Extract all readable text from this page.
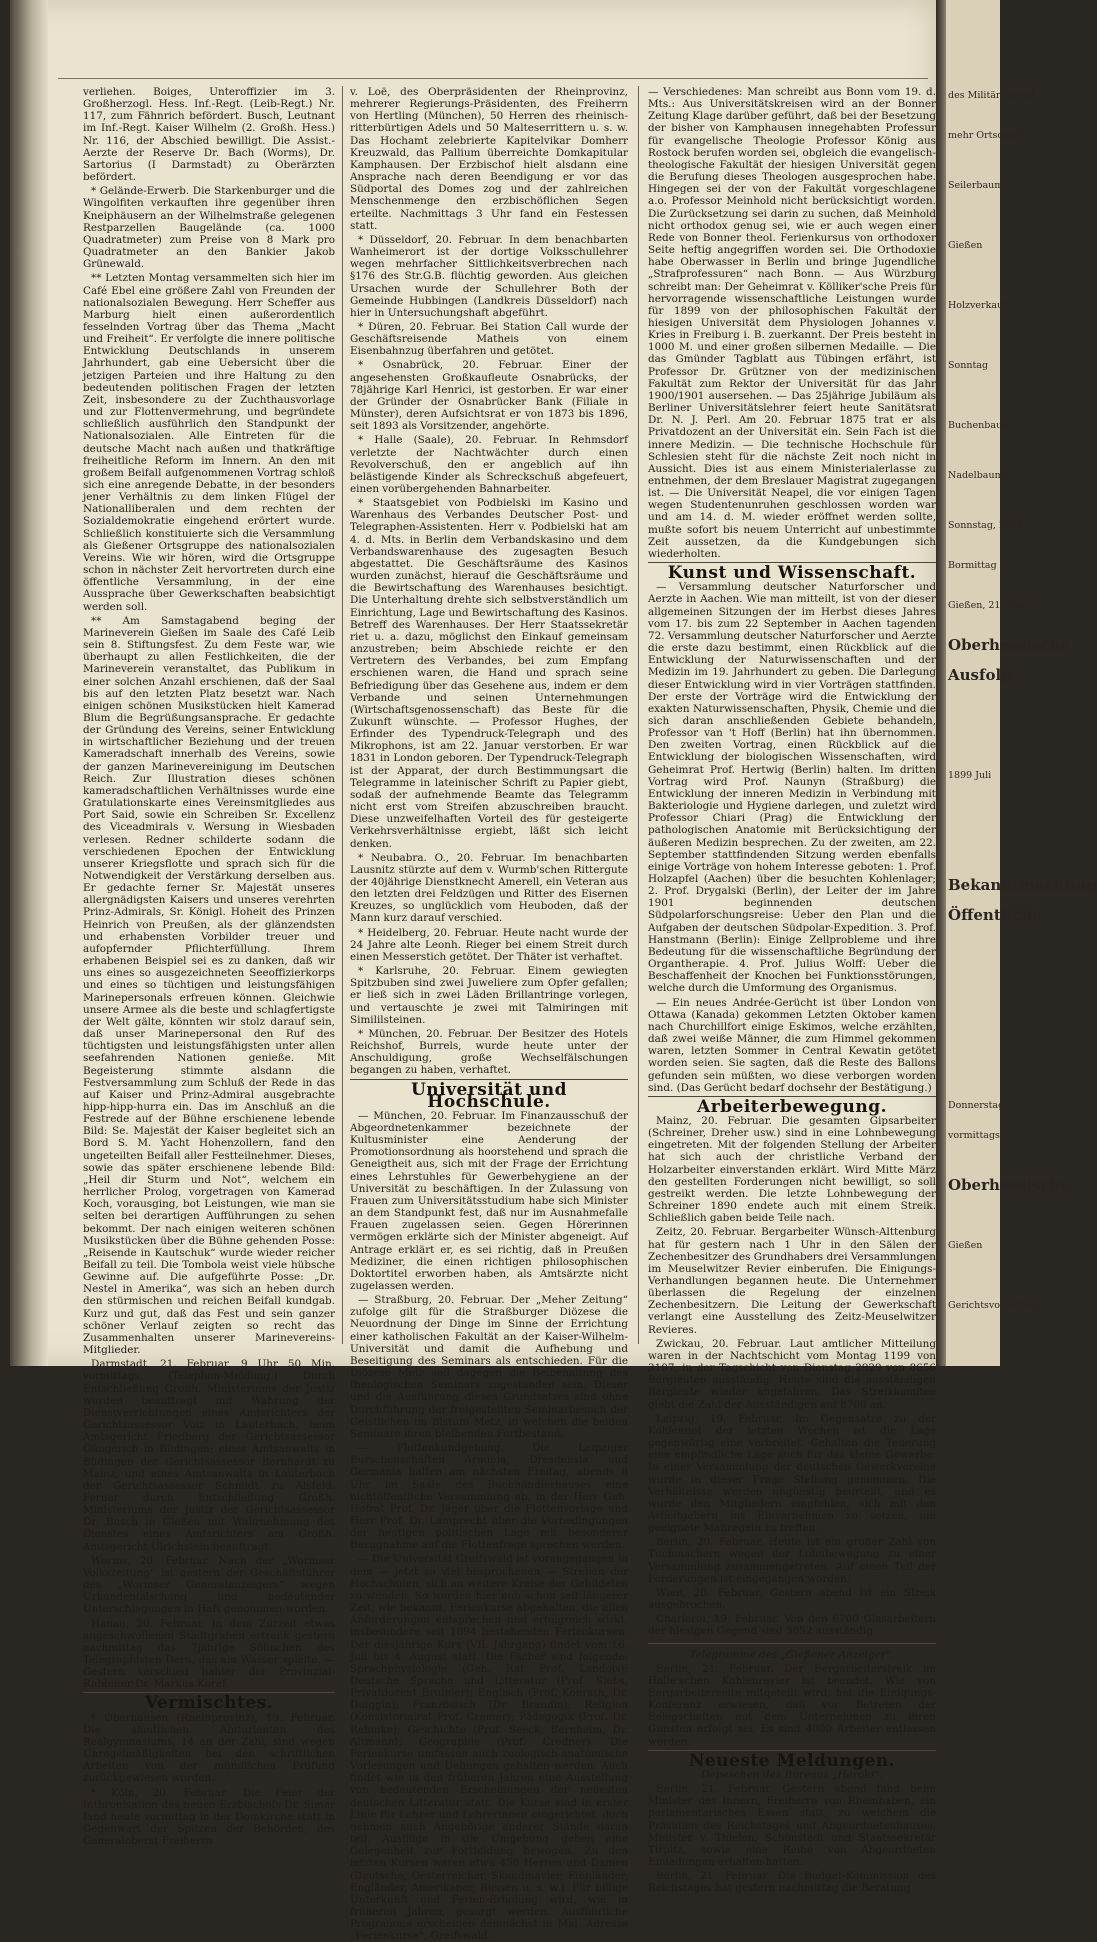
verliehen. Boiges, Unteroffizier im 3. Großherzogl. Hess. Inf.-Regt. (Leib-Regt.) Nr. 117, zum Fähnrich befördert. Busch, Leutnant im Inf.-Regt. Kaiser Wilhelm (2. Großh. Hess.) Nr. 116, der Abschied bewilligt. Die Assist.-Aerzte der Reserve Dr. Bach (Worms), Dr. Sartorius (I Darmstadt) zu Oberärzten befördert.

* Gelände-Erwerb. Die Starkenburger und die Wingolfiten verkauften ihre gegenüber ihren Kneiphäusern an der Wilhelmstraße gelegenen Restparzellen Baugelände (ca. 1000 Quadratmeter) zum Preise von 8 Mark pro Quadratmeter an den Bankier Jakob Grünewald.

** Letzten Montag versammelten sich hier im Café Ebel eine größere Zahl von Freunden der nationalsozialen Bewegung. Herr Scheffer aus Marburg hielt einen außerordentlich fesselnden Vortrag über das Thema „Macht und Freiheit“. Er verfolgte die innere politische Entwicklung Deutschlands in unserem Jahrhundert, gab eine Uebersicht über die jetzigen Parteien und ihre Haltung zu den bedeutenden politischen Fragen der letzten Zeit, insbesondere zu der Zuchthausvorlage und zur Flottenvermehrung, und begründete schließlich ausführlich den Standpunkt der Nationalsozialen. Alle Eintreten für die deutsche Macht nach außen und thatkräftige freiheitliche Reform im Innern. An den mit großem Beifall aufgenommenen Vortrag schloß sich eine anregende Debatte, in der besonders jener Verhältnis zu dem linken Flügel der Nationalliberalen und dem rechten der Sozialdemokratie eingehend erörtert wurde. Schließlich konstituierte sich die Versammlung als Gießener Ortsgruppe des nationalsozialen Vereins. Wie wir hören, wird die Ortsgruppe schon in nächster Zeit hervortreten durch eine öffentliche Versammlung, in der eine Aussprache über Gewerkschaften beabsichtigt werden soll.

** Am Samstagabend beging der Marineverein Gießen im Saale des Café Leib sein 8. Stiftungsfest. Zu dem Feste war, wie überhaupt zu allen Festlichkeiten, die der Marineverein veranstaltet, das Publikum in einer solchen Anzahl erschienen, daß der Saal bis auf den letzten Platz besetzt war. Nach einigen schönen Musikstücken hielt Kamerad Blum die Begrüßungsansprache. Er gedachte der Gründung des Vereins, seiner Entwicklung in wirtschaftlicher Beziehung und der treuen Kameradschaft innerhalb des Vereins, sowie der ganzen Marinevereinigung im Deutschen Reich. Zur Illustration dieses schönen kameradschaftlichen Verhältnisses wurde eine Gratulationskarte eines Vereinsmitgliedes aus Port Said, sowie ein Schreiben Sr. Excellenz des Viceadmirals v. Wersung in Wiesbaden verlesen. Redner schilderte sodann die verschiedenen Epochen der Entwicklung unserer Kriegsflotte und sprach sich für die Notwendigkeit der Verstärkung derselben aus. Er gedachte ferner Sr. Majestät unseres allergnädigsten Kaisers und unseres verehrten Prinz-Admirals, Sr. Königl. Hoheit des Prinzen Heinrich von Preußen, als der glänzendsten und erhabensten Vorbilder treuer und aufopfernder Pflichterfüllung. Ihrem erhabenen Beispiel sei es zu danken, daß wir uns eines so ausgezeichneten Seeoffizierkorps und eines so tüchtigen und leistungsfähigen Marinepersonals erfreuen können. Gleichwie unsere Armee als die beste und schlagfertigste der Welt gälte, könnten wir stolz darauf sein, daß unser Marinepersonal den Ruf des tüchtigsten und leistungsfähigsten unter allen seefahrenden Nationen genieße. Mit Begeisterung stimmte alsdann die Festversammlung zum Schluß der Rede in das auf Kaiser und Prinz-Admiral ausgebrachte hipp-hipp-hurra ein. Das im Anschluß an die Festrede auf der Bühne erschienene lebende Bild: Se. Majestät der Kaiser begleitet sich an Bord S. M. Yacht Hohenzollern, fand den ungeteilten Beifall aller Festteilnehmer. Dieses, sowie das später erschienene lebende Bild: „Heil dir Sturm und Not“, welchem ein herrlicher Prolog, vorgetragen von Kamerad Koch, vorausging, bot Leistungen, wie man sie selten bei derartigen Aufführungen zu sehen bekommt. Der nach einigen weiteren schönen Musikstücken über die Bühne gehenden Posse: „Reisende in Kautschuk“ wurde wieder reicher Beifall zu teil. Die Tombola weist viele hübsche Gewinne auf. Die aufgeführte Posse: „Dr. Nestel in Amerika“, was sich an heben durch den stürmischen und reichen Beifall kundgab. Kurz und gut, daß das Fest und sein ganzer schöner Verlauf zeigten so recht das Zusammenhalten unserer Marinevereins-Mitglieder.

Darmstadt, 21. Februar, 9 Uhr 50 Min. vormittags. (Telephon-Meldung.) Durch Entschließung Großh. Ministeriums der Justiz wurden beauftragt mit Wahrung der Dienstverrichtungen eines Amtsrichters der Gerichtsassessor Volz in Lauterbach, beim Amtsgericht Friedberg der Gerichtsassessor Güngerich in Büdingen; eines Amtsanwalts in Büdingen der Gerichtsassessor Bernhardt zu Mainz, und eines Amtsanwalts in Lauterbach der Gerichtsassessor Schmidt zu Alsfeld. Ferner durch Entschließung Großh. Ministeriums der Justiz der Gerichtsassessor Dr. Busch in Gießen mit Wahrnehmung des Dienstes eines Amtsrichters am Großh. Amtsgericht Ulrichstein beauftragt.

Worms, 20. Februar. Nach der „Wormser Volkszeitung“ ist gestern der Geschäftsführer des „Wormser Generalanzeigers“ wegen Urkundenfälschung und bedeutender Unterschlagungen in Haft genommen worden.

Hanau, 20. Februar. In dem Zurzeit etwas angeschwollenen Stadtgraben ertrank gestern nachmittag das 7jährige Söhnchen des Telegraphisten Dern, das am Wasser spielte. — Gestern verschied hahier der Provinzial-Rabbiner Dr. Markus Koref.

Vermischtes.

* Oberhausen (Rheinprovinz), 19. Februar. Die sämtlichen Abiturienten des Realgymnasiums, 14 an der Zahl, sind wegen Unregelmäßigkeiten bei den schriftlichen Arbeiten von der mündlichen Prüfung zurückgewiesen worden.

* Köln, 20. Februar. Die Feier der Inthronisation des neuen Erzbischofs Dr. Simar fand heute vormittag in der Domkirche statt in Gegenwart der Spitzen der Behörden, des Generaloberst Freiherrn

v. Loë, des Oberpräsidenten der Rheinprovinz, mehrerer Regierungs-Präsidenten, des Freiherrn von Hertling (München), 50 Herren des rheinisch-ritterbürtigen Adels und 50 Malteserrittern u. s. w. Das Hochamt zelebrierte Kapitelvikar Domherr Kreuzwald, das Pallium überreichte Domkapitular Kamphausen. Der Erzbischof hielt alsdann eine Ansprache nach deren Beendigung er vor das Südportal des Domes zog und der zahlreichen Menschenmenge den erzbischöflichen Segen erteilte. Nachmittags 3 Uhr fand ein Festessen statt.

* Düsseldorf, 20. Februar. In dem benachbarten Wanheimerort ist der dortige Volksschullehrer wegen mehrfacher Sittlichkeitsverbrechen nach §176 des Str.G.B. flüchtig geworden. Aus gleichen Ursachen wurde der Schullehrer Both der Gemeinde Hubbingen (Landkreis Düsseldorf) nach hier in Untersuchungshaft abgeführt.

* Düren, 20. Februar. Bei Station Call wurde der Geschäftsreisende Matheis von einem Eisenbahnzug überfahren und getötet.

* Osnabrück, 20. Februar. Einer der angesehensten Großkaufleute Osnabrücks, der 78jährige Karl Henrici, ist gestorben. Er war einer der Gründer der Osnabrücker Bank (Filiale in Münster), deren Aufsichtsrat er von 1873 bis 1896, seit 1893 als Vorsitzender, angehörte.

* Halle (Saale), 20. Februar. In Rehmsdorf verletzte der Nachtwächter durch einen Revolverschuß, den er angeblich auf ihn belästigende Kinder als Schreckschuß abgefeuert, einen vorübergehenden Bahnarbeiter.

* Staatsgebiet von Podbielski im Kasino und Warenhaus des Verbandes Deutscher Post- und Telegraphen-Assistenten. Herr v. Podbielski hat am 4. d. Mts. in Berlin dem Verbandskasino und dem Verbandswarenhause des zugesagten Besuch abgestattet. Die Geschäftsräume des Kasinos wurden zunächst, hierauf die Geschäftsräume und die Bewirtschaftung des Warenhauses besichtigt. Die Unterhaltung drehte sich selbstverständlich um Einrichtung, Lage und Bewirtschaftung des Kasinos. Betreff des Warenhauses. Der Herr Staatssekretär riet u. a. dazu, möglichst den Einkauf gemeinsam anzustreben; beim Abschiede reichte er den Vertretern des Verbandes, bei zum Empfang erschienen waren, die Hand und sprach seine Befriedigung über das Gesehene aus, indem er dem Verbande und seinen Unternehmungen (Wirtschaftsgenossenschaft) das Beste für die Zukunft wünschte. — Professor Hughes, der Erfinder des Typendruck-Telegraph und des Mikrophons, ist am 22. Januar verstorben. Er war 1831 in London geboren. Der Typendruck-Telegraph ist der Apparat, der durch Bestimmungsart die Telegramme in lateinischer Schrift zu Papier giebt, sodaß der aufnehmende Beamte das Telegramm nicht erst vom Streifen abzuschreiben braucht. Diese unzweifelhaften Vorteil des für gesteigerte Verkehrsverhältnisse ergiebt, läßt sich leicht denken.

* Neubabra. O., 20. Februar. Im benachbarten Lausnitz stürzte auf dem v. Wurmb'schen Rittergute der 40jährige Dienstknecht Amerell, ein Veteran aus den letzten drei Feldzügen und Ritter des Eisernen Kreuzes, so unglücklich vom Heuboden, daß der Mann kurz darauf verschied.

* Heidelberg, 20. Februar. Heute nacht wurde der 24 Jahre alte Leonh. Rieger bei einem Streit durch einen Messerstich getötet. Der Thäter ist verhaftet.

* Karlsruhe, 20. Februar. Einem gewiegten Spitzbuben sind zwei Juweliere zum Opfer gefallen; er ließ sich in zwei Läden Brillantringe vorlegen, und vertauschte je zwei mit Talmiringen mit Simililsteinen.

* München, 20. Februar. Der Besitzer des Hotels Reichshof, Burrels, wurde heute unter der Anschuldigung, große Wechselfälschungen begangen zu haben, verhaftet.

Universität und Hochschule.

— München, 20. Februar. Im Finanzausschuß der Abgeordnetenkammer bezeichnete der Kultusminister eine Aenderung der Promotionsordnung als hoorstehend und sprach die Geneigtheit aus, sich mit der Frage der Errichtung eines Lehrstuhles für Gewerbehygiene an der Universität zu beschäftigen. In der Zulassung von Frauen zum Universitätsstudium habe sich Minister an dem Standpunkt fest, daß nur im Ausnahmefalle Frauen zugelassen seien. Gegen Hörerinnen vermögen erklärte sich der Minister abgeneigt. Auf Antrage erklärt er, es sei richtig, daß in Preußen Mediziner, die einen richtigen philosophischen Doktortitel erworben haben, als Amtsärzte nicht zugelassen werden.

— Straßburg, 20. Februar. Der „Meher Zeitung“ zufolge gilt für die Straßburger Diözese die Neuordnung der Dinge im Sinne der Errichtung einer katholischen Fakultät an der Kaiser-Wilhelm-Universität und damit die Aufhebung und Beseitigung des Seminars als entschieden. Für die Diözese Metz soll dagegen die Beibehaltung des theologischen Seminars zugestanden sein. Dieser und die Ausführung dieses Grundsatzes sind ohne Durchführung der freigestellten Seminarbesuch der Geistlichen im Bistum Metz, in welchen die beiden Seminare ihren bleibenden Fortbestand.

— Flottenkundgebung. Die Leipziger Burschenschaften Arminia, Dresdensia und Germania halten am nächsten Freitag, abends 8 Uhr im Saale des Buchhändlerhauses eine nichtöffentliche Versammlung ab, in der Herr Geh. Hofrat Prof. Dr. Jäger über die Flottenvorlage und Herr Prof. Dr. Lamprecht über die Vorbedingungen der heutigen politischen Lage mit besonderer Bezugnahme auf die Flottenfrage sprechen werden.

— Die Universität Greifswald ist vorangegangen in dem — jetzt so viel besprochenen — Streben der Hochschulen, sich an weitere Kreise der Gebildeten zu wenden. So werden hier nun schon seit längerer Zeit, wie bekannt, Ferienkurse abgehalten, die allen Anforderungen entsprechen und erfolgreich wirkt, insbesondere seit 1894 bestehenden Ferienkursen. Der diesjährige Kurs (VII. Jahrgang) findet vom 16. Juli bis 4. August statt. Die Fächer sind folgende: Sprachphysiologie (Geh. Rat Prof. Landois); Deutsche Sprache und Litteratur (Prof. Siebs, Privatdozent Bruinier); Englisch (Prof. Konrath, Dr. Duiggin); Französisch (Dr. Brandin); Religion (Konsistorialrat Prof. Cremer); Pädagogik (Prof. Dr. Rehmke); Geschichte (Prof. Seeck, Bernheim, Dr. Altmann); Geographie (Prof. Credner). Die Ferienkurse umfassen auch zoologisch-anatomische Vorlesungen und Uebungen gehalten werden. Auch findet wie in den früheren Jahren eine Ausstellung von bedeutenden Erscheinungen der neuesten deutschen Litteratur statt. Die Kurse sind in erster Linie für Lehrer und Lehrerinnen eingerichtet, doch nehmen auch Angehörige anderer Stände daran teil. Ausflüge in die Umgebung geben eine Gelegenheit zur Fortbildung bewogen. Zu den letzten Kursen waren etwa 450 Herren und Damen (Deutsche, Oesterreicher, Skandinavier, Finnländer, Engländer, Amerikaner, Russen u. s. w.). Für billige Unterkunft und Ferien-Erholung wird, wie in früheren Jahren, gesorgt werden. Ausführliche Programme erscheinen demnächst in Mai. Adresse „Ferienkurse“, Greifswald.

— Verschiedenes: Man schreibt aus Bonn vom 19. d. Mts.: Aus Universitätskreisen wird an der Bonner Zeitung Klage darüber geführt, daß bei der Besetzung der bisher von Kamphausen innegehabten Professur für evangelische Theologie Professor König aus Rostock berufen worden sei, obgleich die evangelisch-theologische Fakultät der hiesigen Universität gegen die Berufung dieses Theologen ausgesprochen habe. Hingegen sei der von der Fakultät vorgeschlagene a.o. Professor Meinhold nicht berücksichtigt worden. Die Zurücksetzung sei darin zu suchen, daß Meinhold nicht orthodox genug sei, wie er auch wegen einer Rede von Bonner theol. Ferienkursus von orthodoxer Seite heftig angegriffen worden sei. Die Orthodoxie habe Oberwasser in Berlin und bringe Jugendliche „Strafprofessuren“ nach Bonn. — Aus Würzburg schreibt man: Der Geheimrat v. Kölliker'sche Preis für hervorragende wissenschaftliche Leistungen wurde für 1899 von der philosophischen Fakultät der hiesigen Universität dem Physiologen Johannes v. Kries in Freiburg i. B. zuerkannt. Der Preis besteht in 1000 M. und einer großen silbernen Medaille. — Die das Gmünder Tagblatt aus Tübingen erfährt, ist Professor Dr. Grützner von der medizinischen Fakultät zum Rektor der Universität für das Jahr 1900/1901 ausersehen. — Das 25jährige Jubiläum als Berliner Universitätslehrer feiert heute Sanitätsrat Dr. N. J. Perl. Am 20. Februar 1875 trat er als Privatdozent an der Universität ein. Sein Fach ist die innere Medizin. — Die technische Hochschule für Schlesien steht für die nächste Zeit noch nicht in Aussicht. Dies ist aus einem Ministerialerlasse zu entnehmen, der dem Breslauer Magistrat zugegangen ist. — Die Universität Neapel, die vor einigen Tagen wegen Studentenunruhen geschlossen worden war und am 14. d. M. wieder eröffnet werden sollte, mußte sofort bis neuem Unterricht auf unbestimmte Zeit aussetzen, da die Kundgebungen sich wiederholten.

Kunst und Wissenschaft.

— Versammlung deutscher Naturforscher und Aerzte in Aachen. Wie man mitteilt, ist von der dieser allgemeinen Sitzungen der im Herbst dieses Jahres vom 17. bis zum 22 September in Aachen tagenden 72. Versammlung deutscher Naturforscher und Aerzte die erste dazu bestimmt, einen Rückblick auf die Entwicklung der Naturwissenschaften und der Medizin im 19. Jahrhundert zu geben. Die Darlegung dieser Entwicklung wird in vier Vorträgen stattfinden. Der erste der Vorträge wird die Entwicklung der exakten Naturwissenschaften, Physik, Chemie und die sich daran anschließenden Gebiete behandeln, Professor van 't Hoff (Berlin) hat ihn übernommen. Den zweiten Vortrag, einen Rückblick auf die Entwicklung der biologischen Wissenschaften, wird Geheimrat Prof. Hertwig (Berlin) halten. Im dritten Vortrag wird Prof. Naunyn (Straßburg) die Entwicklung der inneren Medizin in Verbindung mit Bakteriologie und Hygiene darlegen, und zuletzt wird Professor Chiari (Prag) die Entwicklung der pathologischen Anatomie mit Berücksichtigung der äußeren Medizin besprechen. Zu der zweiten, am 22. September stattfindenden Sitzung werden ebenfalls einige Vorträge von hohem Interesse geboten: 1. Prof. Holzapfel (Aachen) über die besuchten Kohlenlager; 2. Prof. Drygalski (Berlin), der Leiter der im Jahre 1901 beginnenden deutschen Südpolarforschungsreise: Ueber den Plan und die Aufgaben der deutschen Südpolar-Expedition. 3. Prof. Hanstmann (Berlin): Einige Zellprobleme und ihre Bedeutung für die wissenschaftliche Begründung der Organtherapie. 4. Prof. Julius Wolff: Ueber die Beschaffenheit der Knochen bei Funktionsstörungen, welche durch die Umformung des Organismus.

— Ein neues Andrée-Gerücht ist über London von Ottawa (Kanada) gekommen Letzten Oktober kamen nach Churchillfort einige Eskimos, welche erzählten, daß zwei weiße Männer, die zum Himmel gekommen waren, letzten Sommer in Central Kewatin getötet worden seien. Sie sagten, daß die Reste des Ballons gefunden sein müßten, wo diese verborgen worden sind. (Das Gerücht bedarf dochsehr der Bestätigung.)

Arbeiterbewegung.

Mainz, 20. Februar. Die gesamten Gipsarbeiter (Schreiner, Dreher usw.) sind in eine Lohnbewegung eingetreten. Mit der folgenden Stellung der Arbeiter hat sich auch der christliche Verband der Holzarbeiter einverstanden erklärt. Wird Mitte März den gestellten Forderungen nicht bewilligt, so soll gestreikt werden. Die letzte Lohnbewegung der Schreiner 1890 endete auch mit einem Streik. Schließlich gaben beide Teile nach.

Zeitz, 20. Februar. Bergarbeiter Wünsch-Alttenburg hat für gestern nach 1 Uhr in den Sälen der Zechenbesitzer des Grundhabers drei Versammlungen im Meuselwitzer Revier einberufen. Die Einigungs-Verhandlungen begannen heute. Die Unternehmer überlassen die Regelung der einzelnen Zechenbesitzern. Die Leitung der Gewerkschaft verlangt eine Ausstellung des Zeitz-Meuselwitzer Revieres.

Zwickau, 20. Februar. Laut amtlicher Mitteilung waren in der Nachtschicht vom Montag 1199 von 3107, in der Tagschicht von Dienstag 2929 von 8656 Bergleuten ausständig. Heute sind die ausständigen Bergleute wieder angefahren. Das Streikkomitee giebt die Zahl der Ausständigen auf 8700 an.

Leipzig, 19. Februar. Im Gegensatze zu der Kohlennot der letzten Wochen ist die Lage gegenwärtig eine verbreitet. Gehalten die Teuerung eine empfindliche Lage auch für das kleine Gewerbe. In einer Versammlung der deutschen Gewerkvereine wurde in dieser Frage Stellung genommen. Die Verhältnisse werden ungünstig beurteilt, und es wurde den Mitgliedern empfohlen, sich mit den Arbeitgebern ins Einvernehmen zu setzen, um geeignete Maßregeln zu treffen.

Berlin, 20. Februar. Heute ist ein großer Zahl von Tuchmachern wegen der Lohnbewegung zu einer Versammlung zusammengetreten. Auf einen Teil der Forderungen ist eingegangen worden.

Wien, 20. Februar. Gestern abend ist ein Streik ausgebrochen.

Charleroi, 19. Februar. Von den 6700 Glasarbeitern der hiesigen Gegend sind 3052 ausständig.

Telegramme des „Gießener Anzeiger“.

Berlin, 21. Februar. Der Bergarbeiterstreik im Halle'schen Kohlenrevier ist beendet. Wie von Bergarbeiterseite mitgeteilt wird, hat die Einigungs-Konferenz erwiesen, daß vor Betreten der Belegschaften mit dem Unternehmen zu ihren Gunsten erfolgt sei. Es sind 4000 Arbeiter entlassen worden.

Neueste Meldungen.

Depeschen des Bureaus „Herold“.

Berlin, 21. Februar. Gestern abend fand beim Minister des Innern, Freiherrn von Rheinbaben, ein parlamentarisches Essen statt, zu welchem die Präsidien des Reichstages und Abgeordnetenhauses, Minister v. Thielen, Schönstedt und Staatssekretär Tirpitz, sowie eine Reihe von Abgeordneten Einladungen erhalten hatten.

Berlin, 21. Februar. Die Budget-Kommission des Reichstages hat gestern nachmittag die Beratung

des Militär-Dienst

mehr Ortschaft

Seilerbaum

Gießen

Holzverkauf

Sonntag

Buchenbaum

Nadelbaum

Sonnstag, 25. F

Bormittag

Gießen, 21. Febr.

Oberhessische

Ausfolg

1899 Juli

Bekanntmachung

Öffentliche

Donnerstag, 1

vormittags

Oberhessische

Gießen

Gerichtsvollzieher
